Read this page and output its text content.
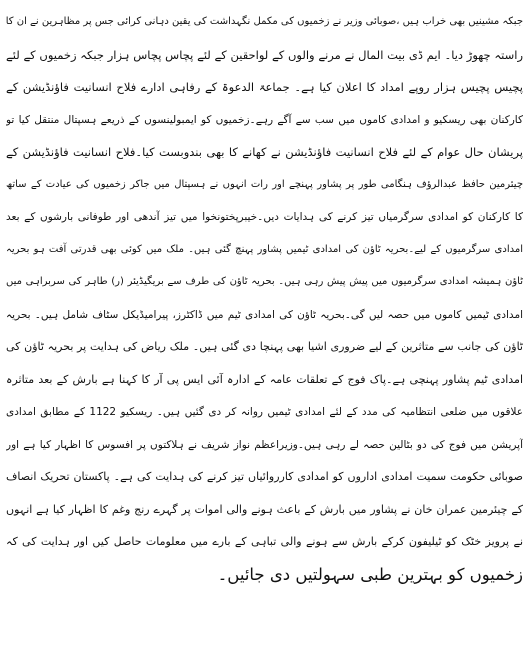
جبکہ مشینیں بھی خراب ہیں ،صوبائی وزیر نے زخمیوں کی مکمل نگہداشت کی یقین دہانی کرائی جس پر مظاہرین نے ان کا
راستہ چھوڑ دیا۔ ایم ڈی بیت المال نے مرنے والوں کے لواحقین کے لئے پچاس پچاس ہزار جبکہ زخمیوں کے لئے
پچیس پچیس ہزار روپے امداد کا اعلان کیا ہے۔ جماعۃ الدعوۃ کے رفاہی ادارے فلاح انسانیت فاؤنڈیشن کے
کارکنان بھی ریسکیو و امدادی کاموں میں سب سے آگے رہے۔زخمیوں کو ایمبولینسوں کے ذریعے ہسپتال منتقل کیا تو
پریشان حال عوام کے لئے فلاح انسانیت فاؤنڈیشن نے کھانے کا بھی بندوبست کیا۔فلاح انسانیت فاؤنڈیشن کے
چیئرمین حافظ عبدالرؤف ہنگامی طور پر پشاور پہنچے اور رات انہوں نے ہسپتال میں جاکر زخمیوں کی عیادت کے ساتھ
کا کارکنان کو امدادی سرگرمیاں تیز کرنے کی ہدایات دیں۔خیبرپختونخوا میں تیز آندھی اور طوفانی بارشوں کے بعد
امدادی سرگرمیوں کے لیے۔بحریہ ٹاؤن کی امدادی ٹیمیں پشاور پہنچ گئی ہیں۔ ملک میں کوئی بھی قدرتی آفت ہو بحریہ
ٹاؤن ہمیشہ امدادی سرگرمیوں میں پیش پیش رہی ہیں۔ بحریہ ٹاؤن کی طرف سے بریگیڈیئر (ر) طاہر کی سربراہی میں
امدادی ٹیمیں کاموں میں حصہ لیں گی۔بحریہ ٹاؤن کی امدادی ٹیم میں ڈاکٹرز، پیرامیڈیکل سٹاف شامل ہیں۔ بحریہ
ٹاؤن کی جانب سے متاثرین کے لیے ضروری اشیا بھی پہنچا دی گئی ہیں۔ ملک ریاض کی ہدایت پر بحریہ ٹاؤن کی
امدادی ٹیم پشاور پہنچی ہے۔پاک فوج کے تعلقات عامہ کے ادارہ آئی ایس پی آر کا کہنا ہے بارش کے بعد متاثرہ
علاقوں میں ضلعی انتظامیہ کی مدد کے لئے امدادی ٹیمیں روانہ کر دی گئیں ہیں۔ ریسکیو 1122 کے مطابق امدادی
آپریشن میں فوج کی دو بٹالین حصہ لے رہی ہیں۔وزیراعظم نواز شریف نے ہلاکتوں پر افسوس کا اظہار کیا ہے اور
صوبائی حکومت سمیت امدادی اداروں کو امدادی کارروائیاں تیز کرنے کی ہدایت کی ہے۔ پاکستان تحریک انصاف
کے چیئرمین عمران خان نے پشاور میں بارش کے باعث ہونے والی اموات پر گہرے رنج وغم کا اظہار کیا ہے انہوں
نے پرویز خٹک کو ٹیلیفون کرکے بارش سے ہونے والی تباہی کے بارے میں معلومات حاصل کیں اور ہدایت کی کہ
زخمیوں کو بہترین طبی سہولتیں دی جائیں۔
